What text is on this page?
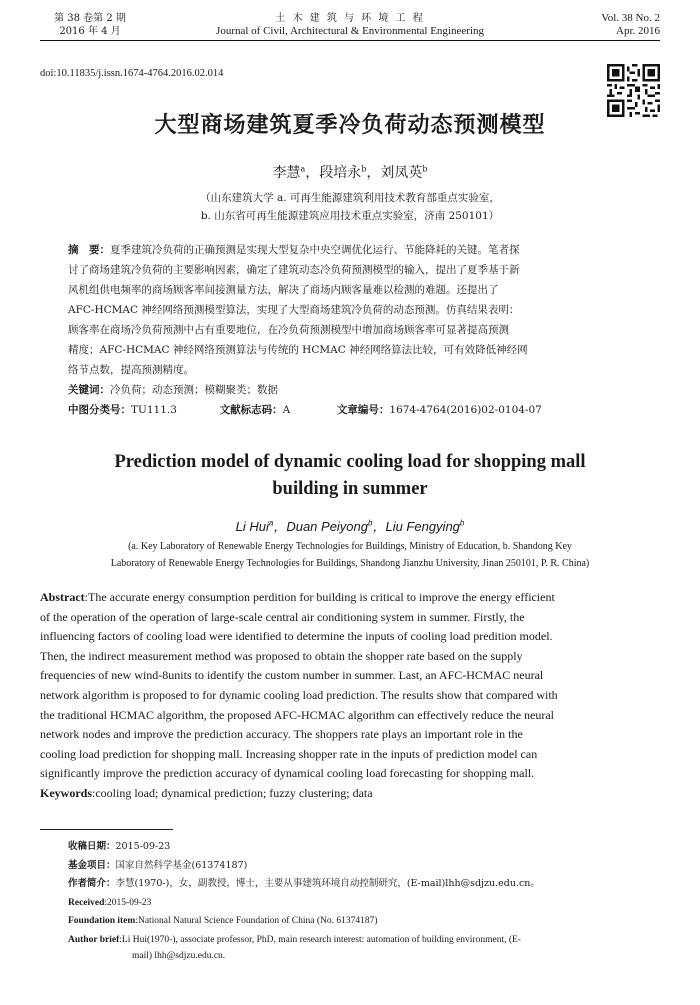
第 38 卷第 2 期
2016 年 4 月
土 木 建 筑 与 环 境 工 程
Journal of Civil, Architectural & Environmental Engineering
Vol. 38 No. 2
Apr. 2016
doi:10.11835/j.issn.1674-4764.2016.02.014
大型商场建筑夏季冷负荷动态预测模型
李慧$^a$，段培永$^b$，刘凤英$^b$
（山东建筑大学 a. 可再生能源建筑利用技术教育部重点实验室，
b. 山东省可再生能源建筑应用技术重点实验室，济南 250101）
摘　要：夏季建筑冷负荷的正确预测是实现大型复杂中央空调优化运行、节能降耗的关键。笔者探
讨了商场建筑冷负荷的主要影响因素，确定了建筑动态冷负荷预测模型的输入，提出了夏季基于新
风机组供电频率的商场顾客率间接测量方法，解决了商场内顾客量难以检测的难题。还提出了
AFC-HCMAC 神经网络预测模型算法，实现了大型商场建筑冷负荷的动态预测。仿真结果表明：
顾客率在商场冷负荷预测中占有重要地位，在冷负荷预测模型中增加商场顾客率可显著提高预测
精度；AFC-HCMAC 神经网络预测算法与传统的 HCMAC 神经网络算法比较，可有效降低神经网
络节点数，提高预测精度。
关键词：冷负荷；动态预测；模糊聚类；数据
中图分类号：TU111.3	文献标志码：A	文章编号：1674-4764(2016)02-0104-07
Prediction model of dynamic cooling load for shopping mall
building in summer
Li Hui$^a$，Duan Peiyong$^b$，Liu Fengying$^b$
(a. Key Laboratory of Renewable Energy Technologies for Buildings, Ministry of Education, b. Shandong Key
Laboratory of Renewable Energy Technologies for Buildings, Shandong Jianzhu University, Jinan 250101, P. R. China)
Abstract:The accurate energy consumption perdition for building is critical to improve the energy efficient
of the operation of the operation of large-scale central air conditioning system in summer. Firstly, the
influencing factors of cooling load were identified to determine the inputs of cooling load predition model.
Then, the indirect measurement method was proposed to obtain the shopper rate based on the supply
frequencies of new wind-8units to identify the custom number in summer. Last, an AFC-HCMAC neural
network algorithm is proposed to for dynamic cooling load prediction. The results show that compared with
the traditional HCMAC algorithm, the proposed AFC-HCMAC algorithm can effectively reduce the neural
network nodes and improve the prediction accuracy. The shoppers rate plays an important role in the
cooling load prediction for shopping mall. Increasing shopper rate in the inputs of prediction model can
significantly improve the prediction accuracy of dynamical cooling load forecasting for shopping mall.
Keywords:cooling load; dynamical prediction; fuzzy clustering; data
收稿日期：2015-09-23
基金项目：国家自然科学基金(61374187)
作者简介：李慧(1970-)，女，副教授，博士，主要从事建筑环境自动控制研究，(E-mail)lhh@sdjzu.edu.cn。
Received:2015-09-23
Foundation item:National Natural Science Foundation of China (No. 61374187)
Author brief:Li Hui(1970-), associate professor, PhD, main research interest: automation of building environment, (E-
mail) lhh@sdjzu.edu.cn.
